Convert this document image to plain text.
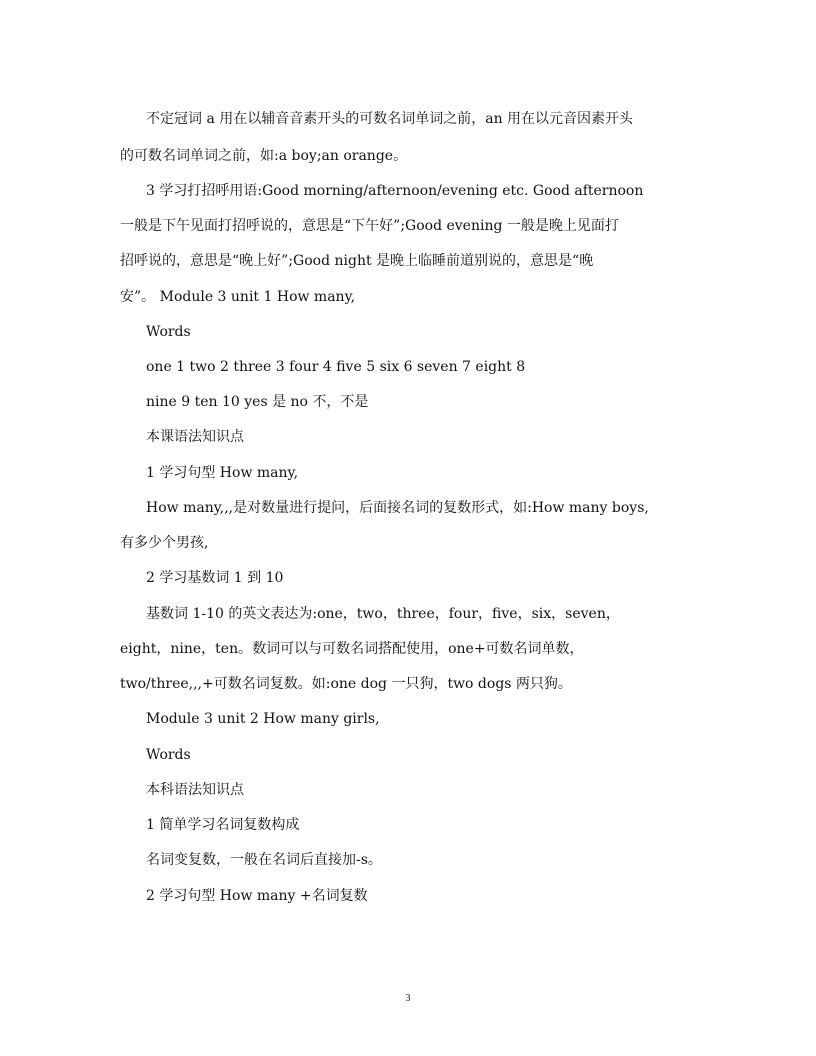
不定冠词 a 用在以辅音音素开头的可数名词单词之前，an 用在以元音因素开头
的可数名词单词之前，如:a boy;an orange。
3 学习打招呼用语:Good morning/afternoon/evening etc. Good afternoon
一般是下午见面打招呼说的，意思是“下午好”;Good evening 一般是晚上见面打
招呼说的，意思是“晚上好”;Good night 是晚上临睡前道别说的，意思是“晚
安”。 Module 3 unit 1 How many,
Words
one 1 two 2 three 3 four 4 five 5 six 6 seven 7 eight 8
nine 9 ten 10 yes 是 no 不，不是
本课语法知识点
1 学习句型 How many,
How many,,,是对数量进行提问，后面接名词的复数形式，如:How many boys,
有多少个男孩,
2 学习基数词 1 到 10
基数词 1-10 的英文表达为:one，two，three，four，five，six，seven，
eight，nine，ten。数词可以与可数名词搭配使用，one+可数名词单数，
two/three,,,+可数名词复数。如:one dog 一只狗，two dogs 两只狗。
Module 3 unit 2 How many girls,
Words
本科语法知识点
1 简单学习名词复数构成
名词变复数，一般在名词后直接加-s。
2 学习句型 How many +名词复数
3
